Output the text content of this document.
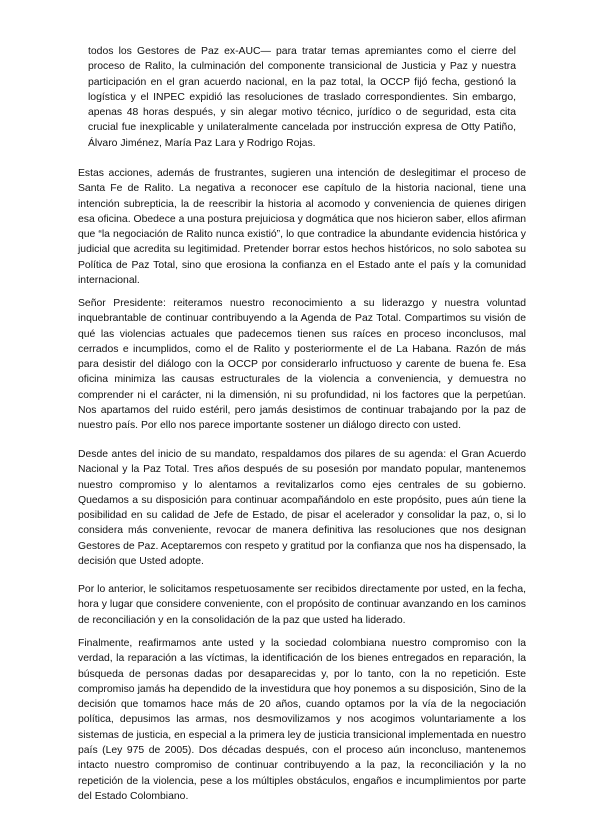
todos los Gestores de Paz ex-AUC— para tratar temas apremiantes como el cierre del proceso de Ralito, la culminación del componente transicional de Justicia y Paz y nuestra participación en el gran acuerdo nacional, en la paz total, la OCCP fijó fecha, gestionó la logística y el INPEC expidió las resoluciones de traslado correspondientes. Sin embargo, apenas 48 horas después, y sin alegar motivo técnico, jurídico o de seguridad, esta cita crucial fue inexplicable y unilateralmente cancelada por instrucción expresa de Otty Patiño, Álvaro Jiménez, María Paz Lara y Rodrigo Rojas.

Estas acciones, además de frustrantes, sugieren una intención de deslegitimar el proceso de Santa Fe de Ralito. La negativa a reconocer ese capítulo de la historia nacional, tiene una intención subrepticia, la de reescribir la historia al acomodo y conveniencia de quienes dirigen esa oficina. Obedece a una postura prejuiciosa y dogmática que nos hicieron saber, ellos afirman que “la negociación de Ralito nunca existió”, lo que contradice la abundante evidencia histórica y judicial que acredita su legitimidad. Pretender borrar estos hechos históricos, no solo sabotea su Política de Paz Total, sino que erosiona la confianza en el Estado ante el país y la comunidad internacional.

Señor Presidente: reiteramos nuestro reconocimiento a su liderazgo y nuestra voluntad inquebrantable de continuar contribuyendo a la Agenda de Paz Total. Compartimos su visión de qué las violencias actuales que padecemos tienen sus raíces en proceso inconclusos, mal cerrados e incumplidos, como el de Ralito y posteriormente el de La Habana. Razón de más para desistir del diálogo con la OCCP por considerarlo infructuoso y carente de buena fe. Esa oficina minimiza las causas estructurales de la violencia a conveniencia, y demuestra no comprender ni el carácter, ni la dimensión, ni su profundidad, ni los factores que la perpetúan. Nos apartamos del ruido estéril, pero jamás desistimos de continuar trabajando por la paz de nuestro país. Por ello nos parece importante sostener un diálogo directo con usted.

Desde antes del inicio de su mandato, respaldamos dos pilares de su agenda: el Gran Acuerdo Nacional y la Paz Total. Tres años después de su posesión por mandato popular, mantenemos nuestro compromiso y lo alentamos a revitalizarlos como ejes centrales de su gobierno. Quedamos a su disposición para continuar acompañándolo en este propósito, pues aún tiene la posibilidad en su calidad de Jefe de Estado, de pisar el acelerador y consolidar la paz, o, si lo considera más conveniente, revocar de manera definitiva las resoluciones que nos designan Gestores de Paz. Aceptaremos con respeto y gratitud por la confianza que nos ha dispensado, la decisión que Usted adopte.

Por lo anterior, le solicitamos respetuosamente ser recibidos directamente por usted, en la fecha, hora y lugar que considere conveniente, con el propósito de continuar avanzando en los caminos de reconciliación y en la consolidación de la paz que usted ha liderado.

Finalmente, reafirmamos ante usted y la sociedad colombiana nuestro compromiso con la verdad, la reparación a las víctimas, la identificación de los bienes entregados en reparación, la búsqueda de personas dadas por desaparecidas y, por lo tanto, con la no repetición. Este compromiso jamás ha dependido de la investidura que hoy ponemos a su disposición, Sino de la decisión que tomamos hace más de 20 años, cuando optamos por la vía de la negociación política, depusimos las armas, nos desmovilizamos y nos acogimos voluntariamente a los sistemas de justicia, en especial a la primera ley de justicia transicional implementada en nuestro país (Ley 975 de 2005). Dos décadas después, con el proceso aún inconcluso, mantenemos intacto nuestro compromiso de continuar contribuyendo a la paz, la reconciliación y la no repetición de la violencia, pese a los múltiples obstáculos, engaños e incumplimientos por parte del Estado Colombiano.
